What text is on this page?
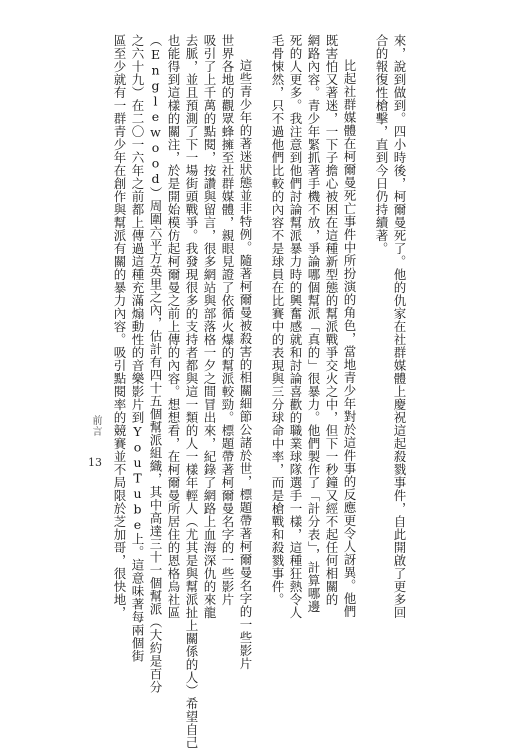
來，說到做到。四小時後，柯爾曼死了。他的仇家在社群媒體上慶祝這起殺戮事件，自此開啟了更多回
合的報復性槍擊，直到今日仍持續著。
比起社群媒體在柯爾曼死亡事件中所扮演的角色，當地青少年對於這件事的反應更令人訝異。他們
既害怕又著迷，一下子擔心被困在這種新型態的幫派戰爭交火之中，但下一秒鐘又經不起任何相關的
網路內容。青少年緊抓著手機不放，爭論哪個幫派「真的」很暴力。他們製作了「計分表」，計算哪邊
死的人更多。我注意到他們討論幫派暴力時的興奮感就和討論喜歡的職業球隊選手一樣，這種狂熱令人
毛骨悚然，只不過他們比較的內容不是球員在比賽中的表現與三分球命中率，而是槍戰和殺戮事件。
這些青少年的著迷狀態並非特例。隨著柯爾曼被殺害的相關細節公諸於世，標題帶著柯爾曼名字的一些影片
世界各地的觀眾蜂擁至社群媒體，親眼見證了依循火爆的幫派較勁。標題帶著柯爾曼名字的一些影片
吸引了上千萬的點閱，按讚與留言，很多網站與部落格一夕之間冒出來，紀錄了網路上血海深仇的來龍
去脈，並且預測了下一場街頭戰爭。我發現很多的支持者都與這一類的人一樣年輕人（尤其是與幫派扯上關係的人）希望自己
也能得到這樣的關注，於是開始模仿起柯爾曼之前上傳的內容。想想看，在柯爾曼所居住的恩格烏社區
（Englewood）周圍六平方英里之內，估計有四十五個幫派組織，其中高達三十一個幫派（大約是百分
之六十九）在二〇一六年之前都上傳過這種充滿煽動性的音樂影片到YouTube上。這意味著每兩個街
區至少就有一群青少年在創作與幫派有關的暴力內容。吸引點閱率的競賽並不局限於芝加哥，很快地，
前言
13
